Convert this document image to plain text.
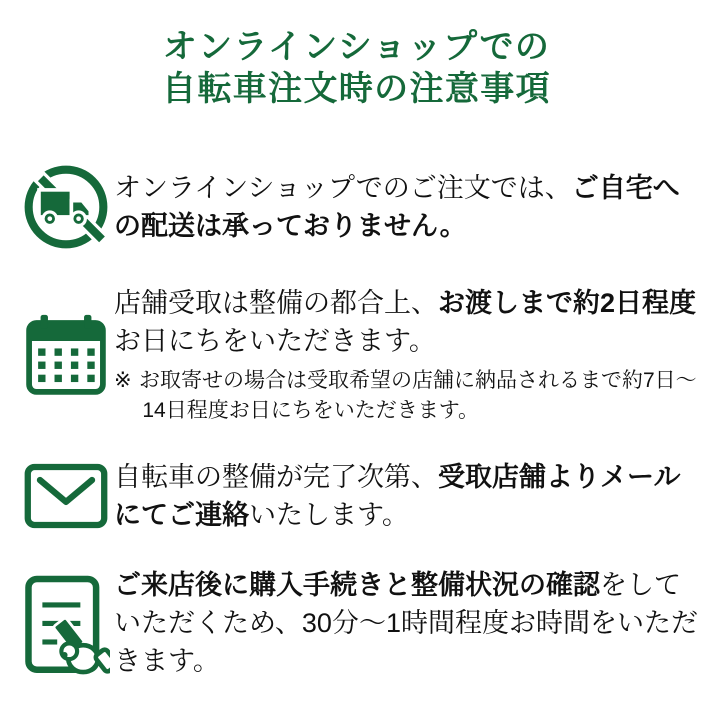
オンラインショップでの
自転車注文時の注意事項

オンラインショップでのご注文では、ご自宅への配送は承っておりません。

店舗受取は整備の都合上、お渡しまで約2日程度お日にちをいただきます。

※ お取寄せの場合は受取希望の店舗に納品されるまで約7日〜14日程度お日にちをいただきます。

自転車の整備が完了次第、受取店舗よりメールにてご連絡いたします。

ご来店後に購入手続きと整備状況の確認をしていただくため、30分〜1時間程度お時間をいただきます。
